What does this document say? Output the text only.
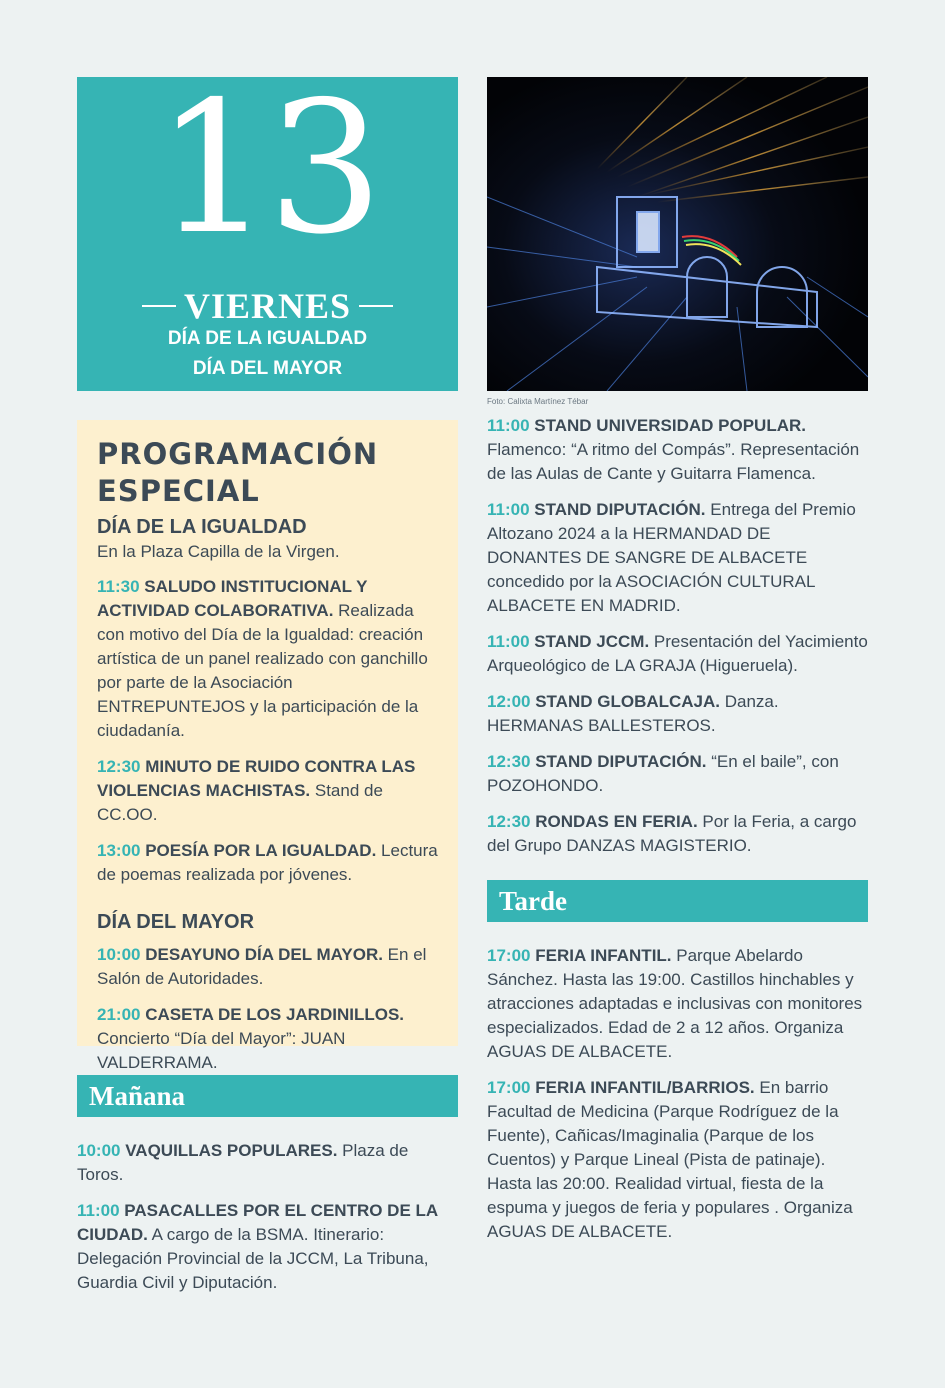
13
VIERNES
DÍA DE LA IGUALDAD
DÍA DEL MAYOR
PROGRAMACIÓN
ESPECIAL
DÍA DE LA IGUALDAD
En la Plaza Capilla de la Virgen.
11:30 SALUDO INSTITUCIONAL Y ACTIVIDAD COLABORATIVA. Realizada con motivo del Día de la Igualdad: creación artística de un panel realizado con ganchillo por parte de la Asociación ENTREPUNTEJOS y la participación de la ciudadanía.
12:30 MINUTO DE RUIDO CONTRA LAS VIOLENCIAS MACHISTAS. Stand de CC.OO.
13:00 POESÍA POR LA IGUALDAD. Lectura de poemas realizada por jóvenes.
DÍA DEL MAYOR
10:00 DESAYUNO DÍA DEL MAYOR. En el Salón de Autoridades.
21:00 CASETA DE LOS JARDINILLOS. Concierto “Día del Mayor”: JUAN VALDERRAMA.
Mañana
10:00 VAQUILLAS POPULARES. Plaza de Toros.
11:00 PASACALLES POR EL CENTRO DE LA CIUDAD. A cargo de la BSMA. Itinerario: Delegación Provincial de la JCCM, La Tribuna, Guardia Civil y Diputación.
Foto: Calixta Martínez Tébar
11:00 STAND UNIVERSIDAD POPULAR. Flamenco: “A ritmo del Compás”. Representación de las Aulas de Cante y Guitarra Flamenca.
11:00 STAND DIPUTACIÓN. Entrega del Premio Altozano 2024 a la HERMANDAD DE DONANTES DE SANGRE DE ALBACETE concedido por la ASOCIACIÓN CULTURAL ALBACETE EN MADRID.
11:00 STAND JCCM. Presentación del Yacimiento Arqueológico de LA GRAJA (Higueruela).
12:00 STAND GLOBALCAJA. Danza. HERMANAS BALLESTEROS.
12:30 STAND DIPUTACIÓN. “En el baile”, con POZOHONDO.
12:30 RONDAS EN FERIA. Por la Feria, a cargo del Grupo DANZAS MAGISTERIO.
Tarde
17:00 FERIA INFANTIL. Parque Abelardo Sánchez. Hasta las 19:00. Castillos hinchables y atracciones adaptadas e inclusivas con monitores especializados. Edad de 2 a 12 años. Organiza AGUAS DE ALBACETE.
17:00 FERIA INFANTIL/BARRIOS. En barrio Facultad de Medicina (Parque Rodríguez de la Fuente), Cañicas/Imaginalia (Parque de los Cuentos) y Parque Lineal (Pista de patinaje). Hasta las 20:00. Realidad virtual, fiesta de la espuma y juegos de feria y populares . Organiza AGUAS DE ALBACETE.
